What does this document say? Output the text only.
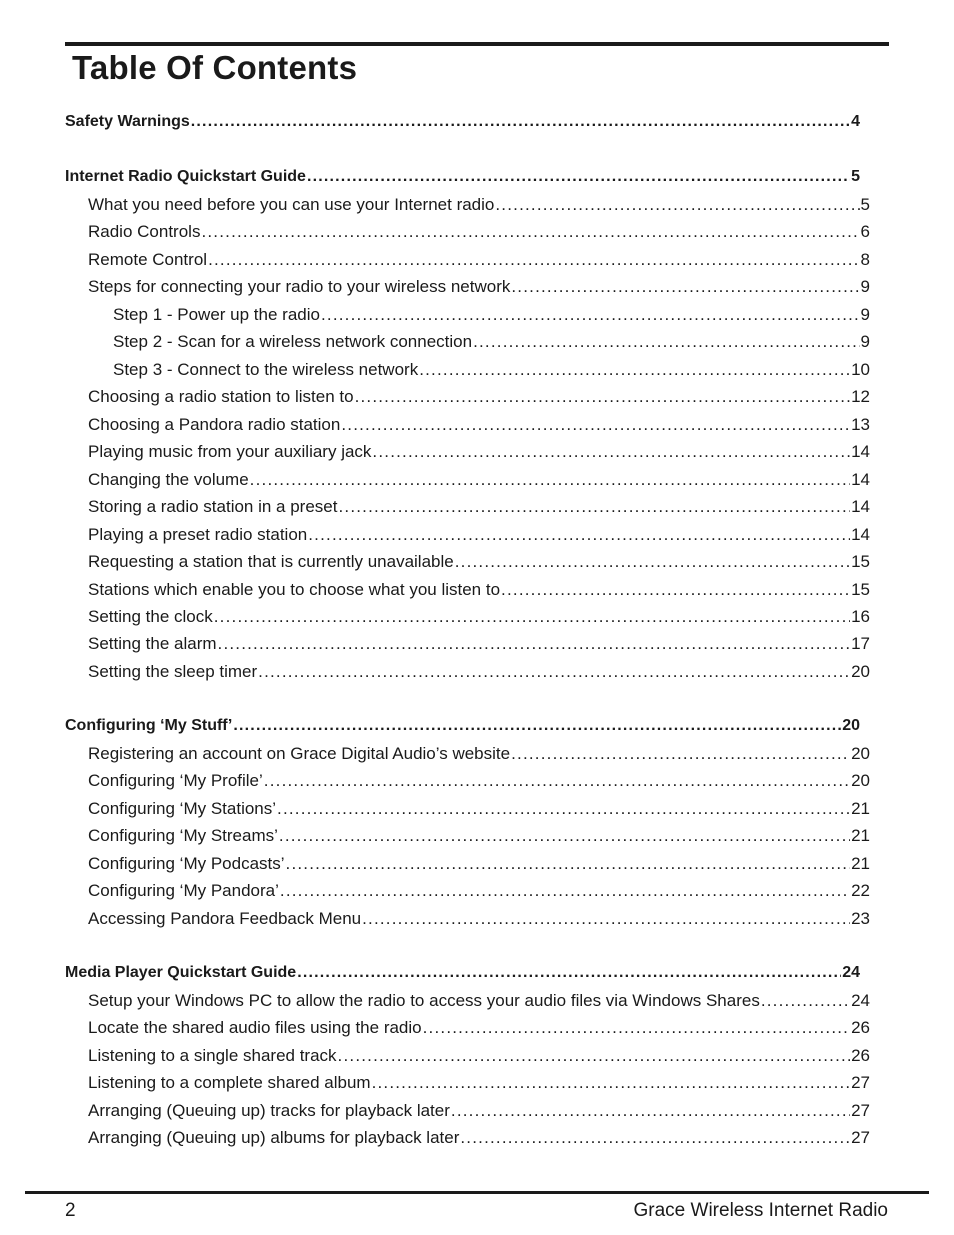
Table Of Contents
Safety Warnings .....	4
Internet Radio Quickstart Guide .....	5
What you need before you can use your Internet radio .....	5
Radio Controls .....	6
Remote Control .....	8
Steps for connecting your radio to your wireless network .....	9
Step 1 - Power up the radio .....	9
Step 2 - Scan for a wireless network connection .....	9
Step 3 - Connect to the wireless network .....	10
Choosing a radio station to listen to .....	12
Choosing a Pandora radio station .....	13
Playing music from your auxiliary jack .....	14
Changing the volume .....	14
Storing a radio station in a preset .....	14
Playing a preset radio station .....	14
Requesting a station that is currently unavailable .....	15
Stations which enable you to choose what you listen to .....	15
Setting the clock .....	16
Setting the alarm .....	17
Setting the sleep timer .....	20
Configuring ‘My Stuff’ .....	20
Registering an account on Grace Digital Audio’s website .....	20
Configuring ‘My Profile’ .....	20
Configuring ‘My Stations’ .....	21
Configuring ‘My Streams’ .....	21
Configuring ‘My Podcasts’ .....	21
Configuring ‘My Pandora’ .....	22
Accessing Pandora Feedback Menu .....	23
Media Player Quickstart Guide .....	24
Setup your Windows PC to allow the radio to access your audio files via Windows Shares .....	24
Locate the shared audio files using the radio .....	26
Listening to a single shared track .....	26
Listening to a complete shared album .....	27
Arranging (Queuing up) tracks for playback later .....	27
Arranging (Queuing up) albums for playback later .....	27
2	Grace Wireless Internet Radio
